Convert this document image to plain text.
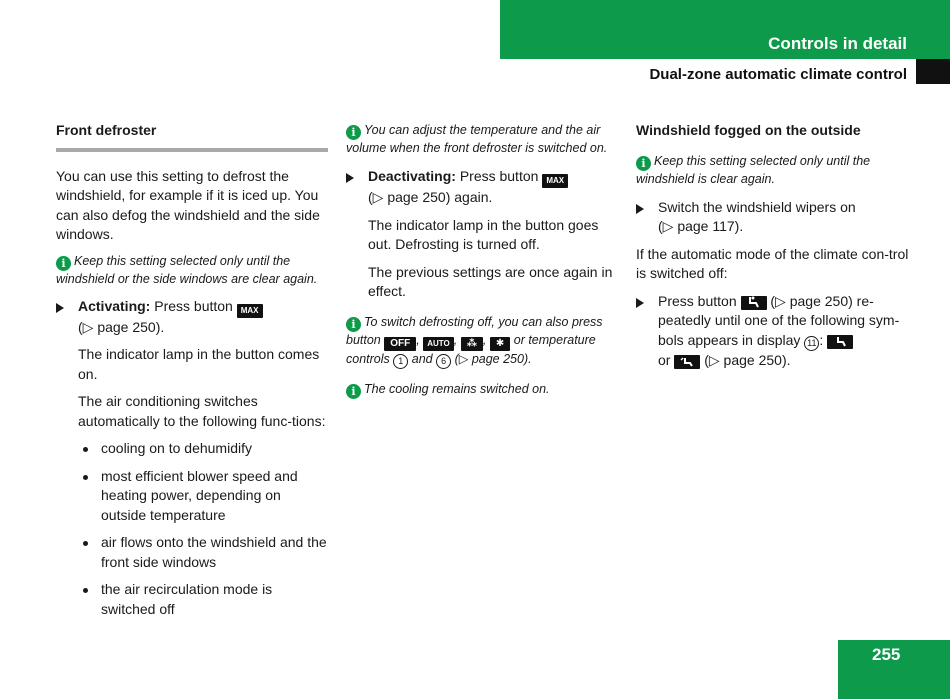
Controls in detail
Dual-zone automatic climate control
255
Front defroster

You can use this setting to defrost the windshield, for example if it is iced up. You can also defog the windshield and the side windows.

i Keep this setting selected only until the windshield or the side windows are clear again.
Activating: Press button MAX
(▷ page 250).

The indicator lamp in the button comes on.

The air conditioning switches automatically to the following func-tions:

cooling on to dehumidify
most efficient blower speed and heating power, depending on outside temperature
air flows onto the windshield and the front side windows
the air recirculation mode is switched off
i You can adjust the temperature and the air volume when the front defroster is switched on.
Deactivating: Press button MAX
(▷ page 250) again.

The indicator lamp in the button goes out. Defrosting is turned off.

The previous settings are once again in effect.

i To switch defrosting off, you can also press button OFF , AUTO , ⁂ , ✱ or temperature controls 1 and 6 (▷ page 250).
i The cooling remains switched on.
Windshield fogged on the outside
i Keep this setting selected only until the windshield is clear again.
Switch the windshield wipers on
(▷ page 117).

If the automatic mode of the climate con-trol is switched off:

Press button (▷ page 250) re-peatedly until one of the following sym-bols appears in display 11 :
or (▷ page 250).
